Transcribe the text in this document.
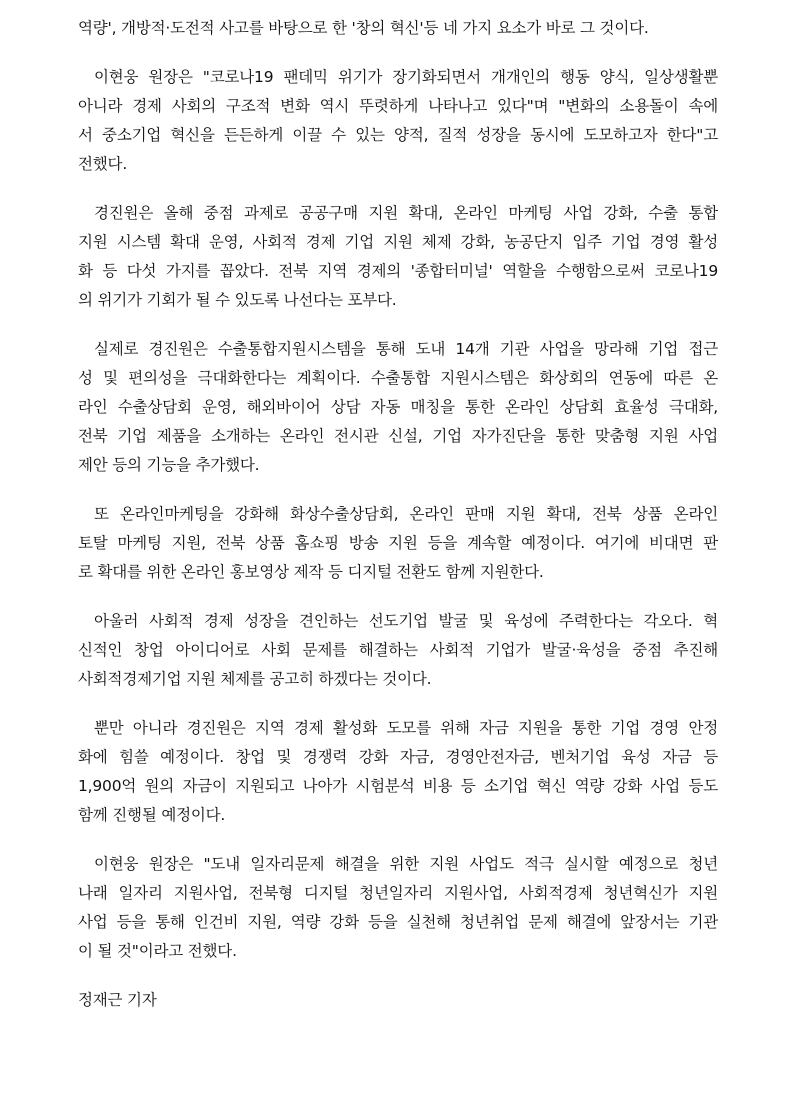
역량', 개방적·도전적 사고를 바탕으로 한 '창의 혁신'등 네 가지 요소가 바로 그 것이다.
이현웅 원장은 "코로나19 팬데믹 위기가 장기화되면서 개개인의 행동 양식, 일상생활뿐
아니라 경제 사회의 구조적 변화 역시 뚜렷하게 나타나고 있다"며 "변화의 소용돌이 속에
서 중소기업 혁신을 든든하게 이끌 수 있는 양적, 질적 성장을 동시에 도모하고자 한다"고
전했다.
경진원은 올해 중점 과제로 공공구매 지원 확대, 온라인 마케팅 사업 강화, 수출 통합
지원 시스템 확대 운영, 사회적 경제 기업 지원 체제 강화, 농공단지 입주 기업 경영 활성
화 등 다섯 가지를 꼽았다. 전북 지역 경제의 '종합터미널' 역할을 수행함으로써 코로나19
의 위기가 기회가 될 수 있도록 나선다는 포부다.
실제로 경진원은 수출통합지원시스템을 통해 도내 14개 기관 사업을 망라해 기업 접근
성 및 편의성을 극대화한다는 계획이다. 수출통합 지원시스템은 화상회의 연동에 따른 온
라인 수출상담회 운영, 해외바이어 상담 자동 매칭을 통한 온라인 상담회 효율성 극대화,
전북 기업 제품을 소개하는 온라인 전시관 신설, 기업 자가진단을 통한 맞춤형 지원 사업
제안 등의 기능을 추가했다.
또 온라인마케팅을 강화해 화상수출상담회, 온라인 판매 지원 확대, 전북 상품 온라인
토탈 마케팅 지원, 전북 상품 홈쇼핑 방송 지원 등을 계속할 예정이다. 여기에 비대면 판
로 확대를 위한 온라인 홍보영상 제작 등 디지털 전환도 함께 지원한다.
아울러 사회적 경제 성장을 견인하는 선도기업 발굴 및 육성에 주력한다는 각오다. 혁
신적인 창업 아이디어로 사회 문제를 해결하는 사회적 기업가 발굴·육성을 중점 추진해
사회적경제기업 지원 체제를 공고히 하겠다는 것이다.
뿐만 아니라 경진원은 지역 경제 활성화 도모를 위해 자금 지원을 통한 기업 경영 안정
화에 힘쓸 예정이다. 창업 및 경쟁력 강화 자금, 경영안전자금, 벤처기업 육성 자금 등
1,900억 원의 자금이 지원되고 나아가 시험분석 비용 등 소기업 혁신 역량 강화 사업 등도
함께 진행될 예정이다.
이현웅 원장은 "도내 일자리문제 해결을 위한 지원 사업도 적극 실시할 예정으로 청년
나래 일자리 지원사업, 전북형 디지털 청년일자리 지원사업, 사회적경제 청년혁신가 지원
사업 등을 통해 인건비 지원, 역량 강화 등을 실천해 청년취업 문제 해결에 앞장서는 기관
이 될 것"이라고 전했다.
정재근 기자
